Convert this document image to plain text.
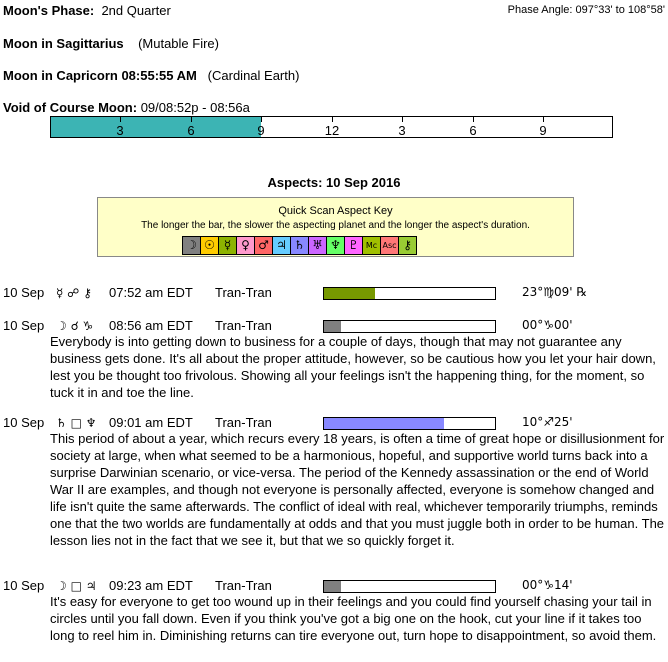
Moon's Phase: 2nd Quarter	Phase Angle: 097°33' to 108°58'
Moon in Sagittarius (Mutable Fire)
Moon in Capricorn 08:55:55 AM (Cardinal Earth)
Void of Course Moon: 09/08:52p - 08:56a
3	6	9	12	3	6	9
Aspects: 10 Sep 2016
Quick Scan Aspect Key
The longer the bar, the slower the aspecting planet and the longer the aspect's duration.
☽ ☉ ☿ ♀ ♂ ♃ ♄ ♅ ♆ ♇ Mc Asc ⚷
10 Sep ☿ ☍ ⚷ 07:52 am EDT Tran-Tran	23°♍09' ℞
10 Sep ☽ ☌ ♑ 08:56 am EDT Tran-Tran	00°♑00'
Everybody is into getting down to business for a couple of days, though that may not guarantee any business gets done. It's all about the proper attitude, however, so be cautious how you let your hair down, lest you be thought too frivolous. Showing all your feelings isn't the happening thing, for the moment, so tuck it in and toe the line.
10 Sep ♄ □ ♆ 09:01 am EDT Tran-Tran	10°♐25'
This period of about a year, which recurs every 18 years, is often a time of great hope or disillusionment for society at large, when what seemed to be a harmonious, hopeful, and supportive world turns back into a surprise Darwinian scenario, or vice-versa. The period of the Kennedy assassination or the end of World War II are examples, and though not everyone is personally affected, everyone is somehow changed and life isn't quite the same afterwards. The conflict of ideal with real, whichever temporarily triumphs, reminds one that the two worlds are fundamentally at odds and that you must juggle both in order to be human. The lesson lies not in the fact that we see it, but that we so quickly forget it.
10 Sep ☽ □ ♃ 09:23 am EDT Tran-Tran	00°♑14'
It's easy for everyone to get too wound up in their feelings and you could find yourself chasing your tail in circles until you fall down. Even if you think you've got a big one on the hook, cut your line if it takes too long to reel him in. Diminishing returns can tire everyone out, turn hope to disappointment, so avoid them.
